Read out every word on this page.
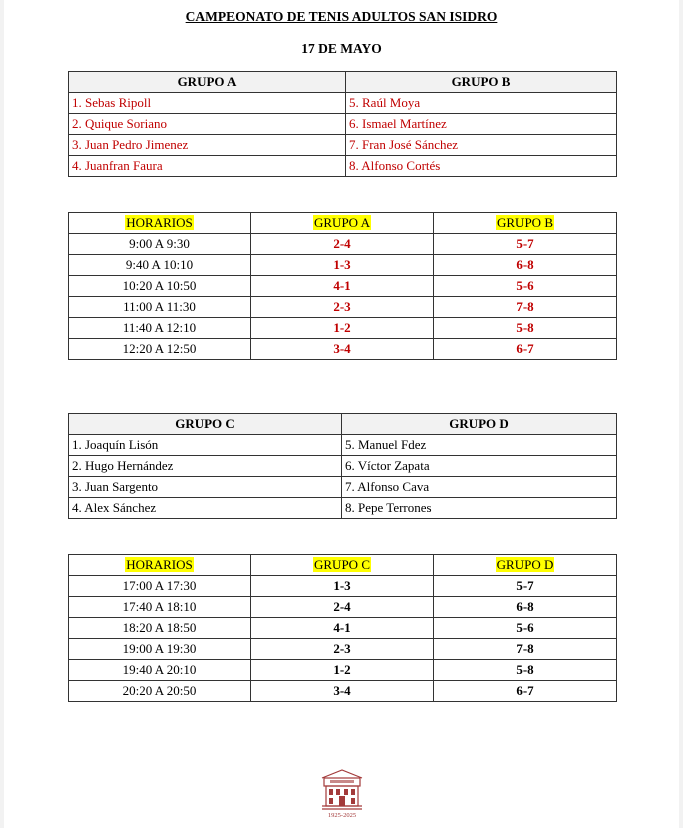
CAMPEONATO DE TENIS ADULTOS SAN ISIDRO
17 DE MAYO
GRUPO A	GRUPO B
1. Sebas Ripoll	5. Raúl Moya
2. Quique Soriano	6. Ismael Martínez
3. Juan Pedro Jimenez	7. Fran José Sánchez
4. Juanfran Faura	8. Alfonso Cortés
HORARIOS	GRUPO A	GRUPO B
9:00 A 9:30	2-4	5-7
9:40 A 10:10	1-3	6-8
10:20 A 10:50	4-1	5-6
11:00 A 11:30	2-3	7-8
11:40 A 12:10	1-2	5-8
12:20 A 12:50	3-4	6-7
GRUPO C	GRUPO D
1. Joaquín Lisón	5. Manuel Fdez
2. Hugo Hernández	6. Víctor Zapata
3. Juan Sargento	7. Alfonso Cava
4. Alex Sánchez	8. Pepe Terrones
HORARIOS	GRUPO C	GRUPO D
17:00 A 17:30	1-3	5-7
17:40 A 18:10	2-4	6-8
18:20 A 18:50	4-1	5-6
19:00 A 19:30	2-3	7-8
19:40 A 20:10	1-2	5-8
20:20 A 20:50	3-4	6-7
1925-2025
